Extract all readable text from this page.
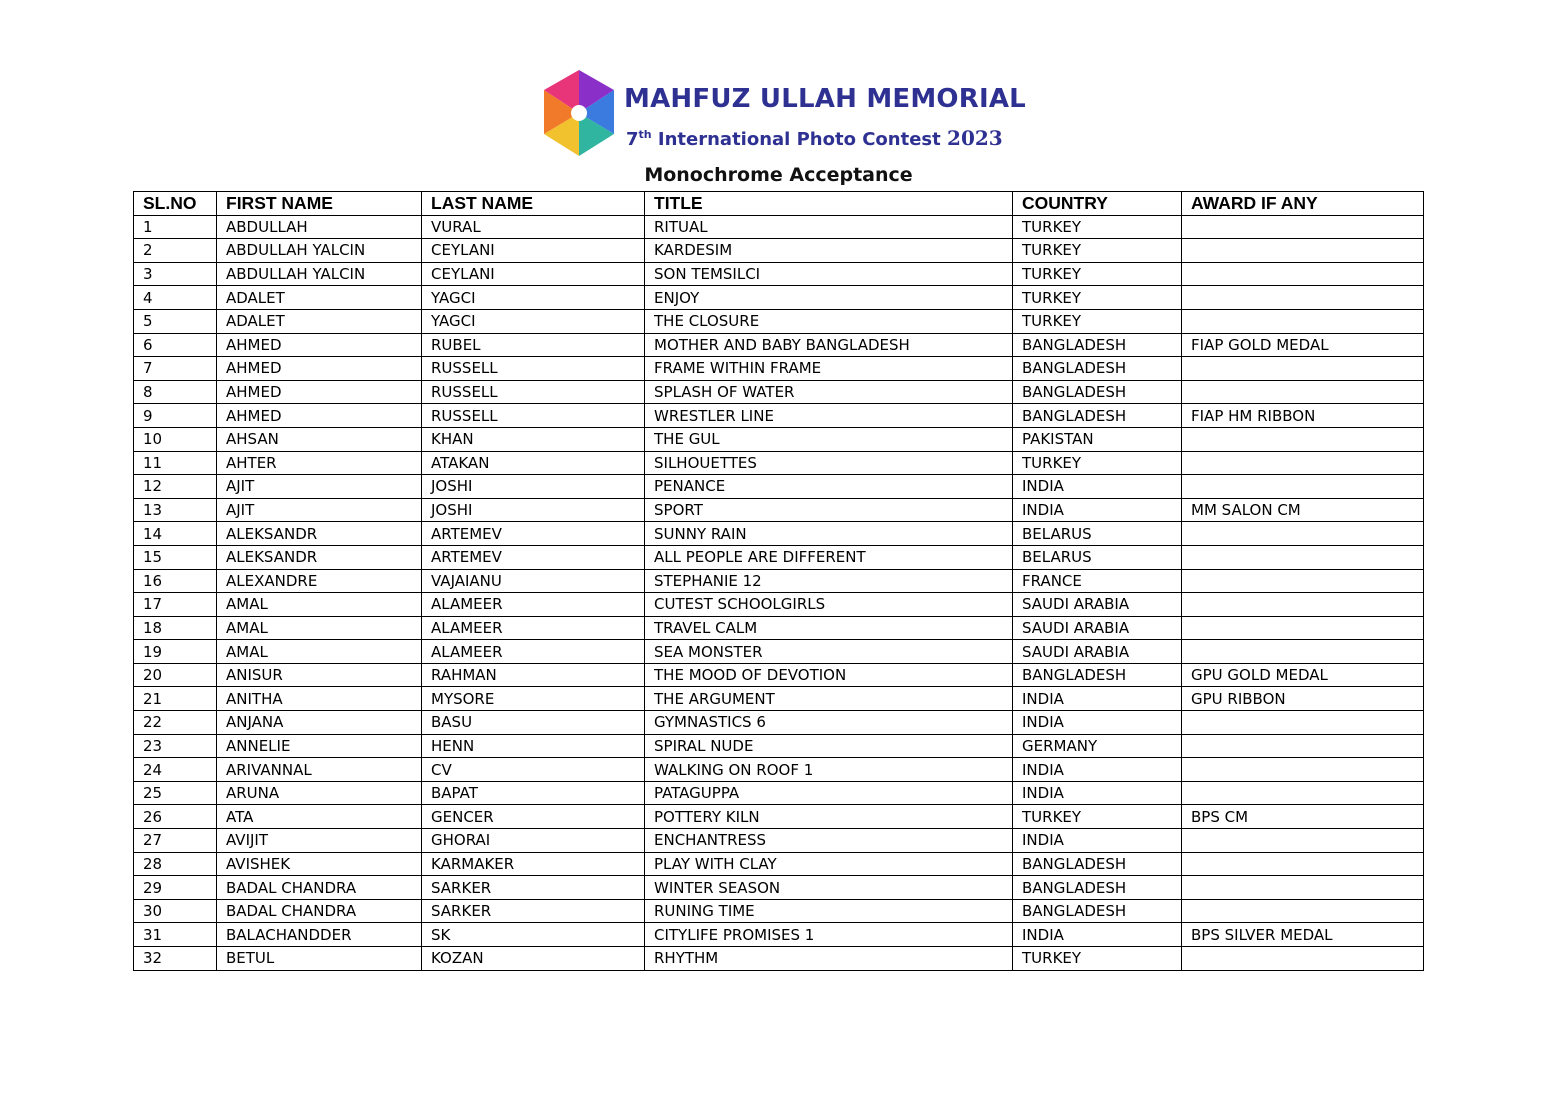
MAHFUZ ULLAH MEMORIAL
7th International Photo Contest 2023
Monochrome Acceptance
SL.NO	FIRST NAME	LAST NAME	TITLE	COUNTRY	AWARD IF ANY
1	ABDULLAH	VURAL	RITUAL	TURKEY	
2	ABDULLAH YALCIN	CEYLANI	KARDESIM	TURKEY	
3	ABDULLAH YALCIN	CEYLANI	SON TEMSILCI	TURKEY	
4	ADALET	YAGCI	ENJOY	TURKEY	
5	ADALET	YAGCI	THE CLOSURE	TURKEY	
6	AHMED	RUBEL	MOTHER AND BABY BANGLADESH	BANGLADESH	FIAP GOLD MEDAL
7	AHMED	RUSSELL	FRAME WITHIN FRAME	BANGLADESH	
8	AHMED	RUSSELL	SPLASH OF WATER	BANGLADESH	
9	AHMED	RUSSELL	WRESTLER LINE	BANGLADESH	FIAP HM RIBBON
10	AHSAN	KHAN	THE GUL	PAKISTAN	
11	AHTER	ATAKAN	SILHOUETTES	TURKEY	
12	AJIT	JOSHI	PENANCE	INDIA	
13	AJIT	JOSHI	SPORT	INDIA	MM SALON CM
14	ALEKSANDR	ARTEMEV	SUNNY RAIN	BELARUS	
15	ALEKSANDR	ARTEMEV	ALL PEOPLE ARE DIFFERENT	BELARUS	
16	ALEXANDRE	VAJAIANU	STEPHANIE 12	FRANCE	
17	AMAL	ALAMEER	CUTEST SCHOOLGIRLS	SAUDI ARABIA	
18	AMAL	ALAMEER	TRAVEL CALM	SAUDI ARABIA	
19	AMAL	ALAMEER	SEA MONSTER	SAUDI ARABIA	
20	ANISUR	RAHMAN	THE MOOD OF DEVOTION	BANGLADESH	GPU GOLD MEDAL
21	ANITHA	MYSORE	THE ARGUMENT	INDIA	GPU RIBBON
22	ANJANA	BASU	GYMNASTICS 6	INDIA	
23	ANNELIE	HENN	SPIRAL NUDE	GERMANY	
24	ARIVANNAL	CV	WALKING ON ROOF 1	INDIA	
25	ARUNA	BAPAT	PATAGUPPA	INDIA	
26	ATA	GENCER	POTTERY KILN	TURKEY	BPS CM
27	AVIJIT	GHORAI	ENCHANTRESS	INDIA	
28	AVISHEK	KARMAKER	PLAY WITH CLAY	BANGLADESH	
29	BADAL CHANDRA	SARKER	WINTER SEASON	BANGLADESH	
30	BADAL CHANDRA	SARKER	RUNING TIME	BANGLADESH	
31	BALACHANDDER	SK	CITYLIFE PROMISES 1	INDIA	BPS SILVER MEDAL
32	BETUL	KOZAN	RHYTHM	TURKEY	
